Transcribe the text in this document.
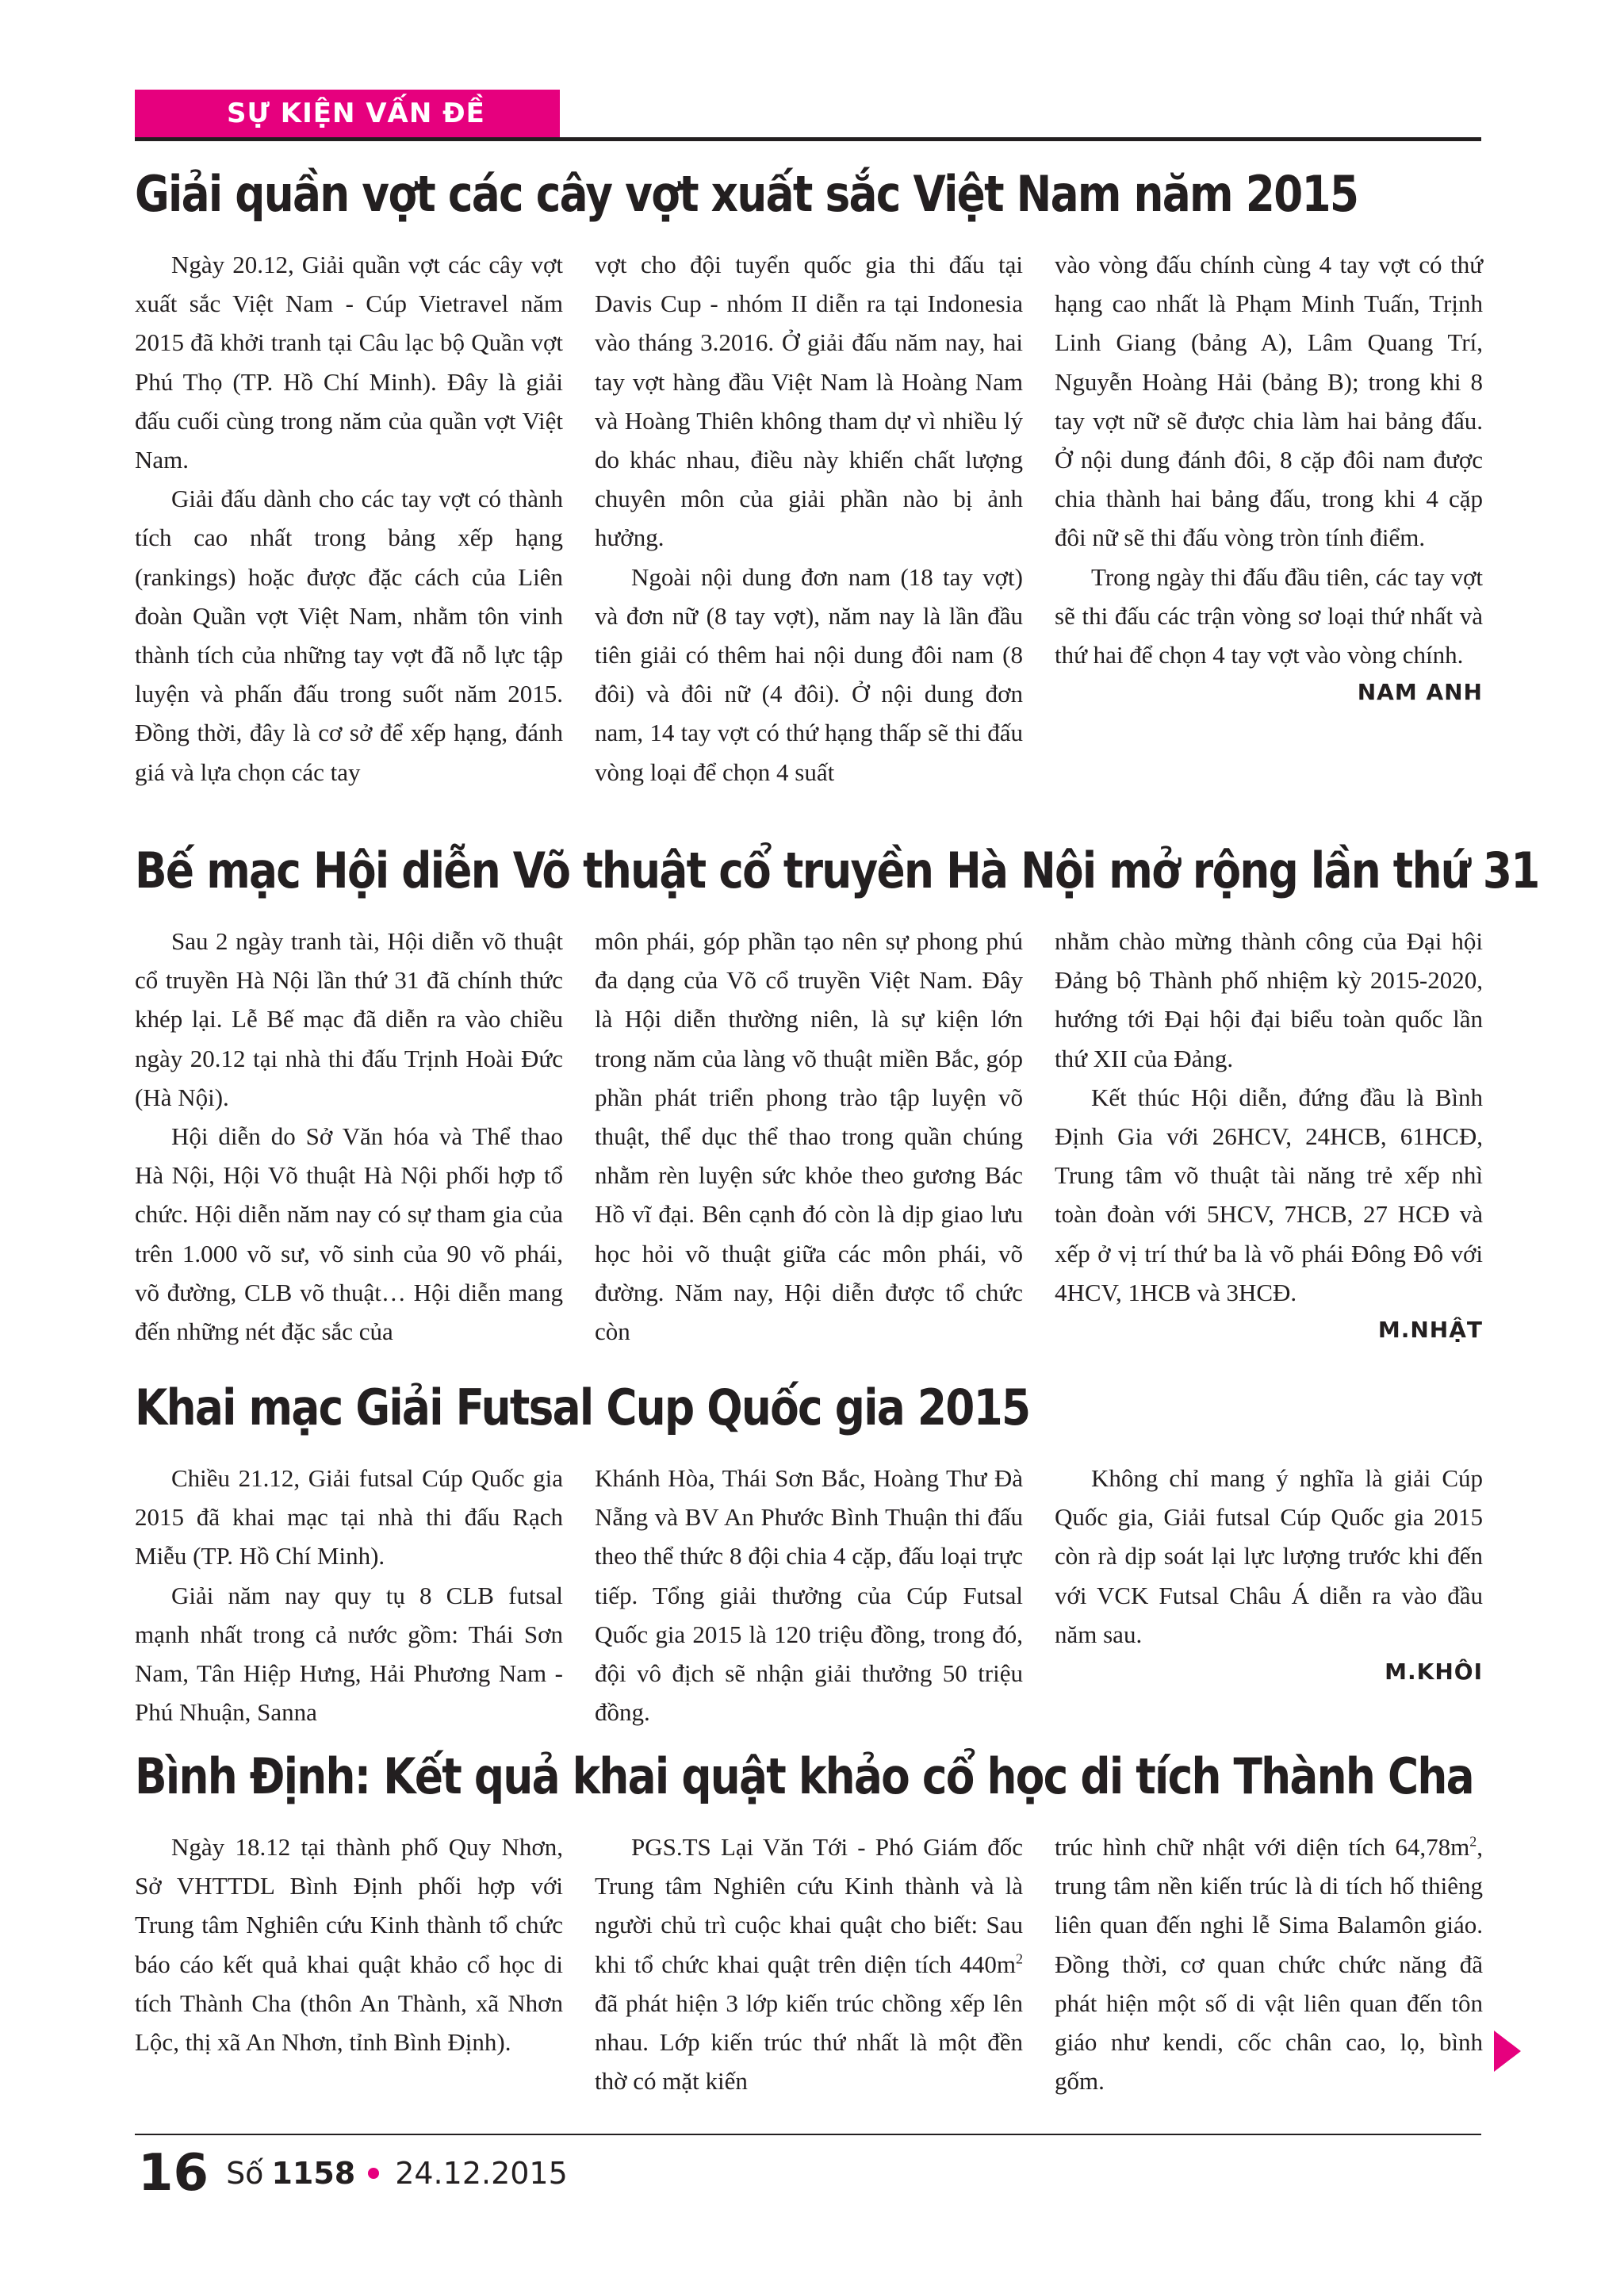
SỰ KIỆN VẤN ĐỀ
Giải quần vợt các cây vợt xuất sắc Việt Nam năm 2015

Ngày 20.12, Giải quần vợt các cây vợt xuất sắc Việt Nam - Cúp Vietravel năm 2015 đã khởi tranh tại Câu lạc bộ Quần vợt Phú Thọ (TP. Hồ Chí Minh). Đây là giải đấu cuối cùng trong năm của quần vợt Việt Nam.

Giải đấu dành cho các tay vợt có thành tích cao nhất trong bảng xếp hạng (rankings) hoặc được đặc cách của Liên đoàn Quần vợt Việt Nam, nhằm tôn vinh thành tích của những tay vợt đã nỗ lực tập luyện và phấn đấu trong suốt năm 2015. Đồng thời, đây là cơ sở để xếp hạng, đánh giá và lựa chọn các tay

vợt cho đội tuyển quốc gia thi đấu tại Davis Cup - nhóm II diễn ra tại Indonesia vào tháng 3.2016. Ở giải đấu năm nay, hai tay vợt hàng đầu Việt Nam là Hoàng Nam và Hoàng Thiên không tham dự vì nhiều lý do khác nhau, điều này khiến chất lượng chuyên môn của giải phần nào bị ảnh hưởng.

Ngoài nội dung đơn nam (18 tay vợt) và đơn nữ (8 tay vợt), năm nay là lần đầu tiên giải có thêm hai nội dung đôi nam (8 đôi) và đôi nữ (4 đôi). Ở nội dung đơn nam, 14 tay vợt có thứ hạng thấp sẽ thi đấu vòng loại để chọn 4 suất

vào vòng đấu chính cùng 4 tay vợt có thứ hạng cao nhất là Phạm Minh Tuấn, Trịnh Linh Giang (bảng A), Lâm Quang Trí, Nguyễn Hoàng Hải (bảng B); trong khi 8 tay vợt nữ sẽ được chia làm hai bảng đấu. Ở nội dung đánh đôi, 8 cặp đôi nam được chia thành hai bảng đấu, trong khi 4 cặp đôi nữ sẽ thi đấu vòng tròn tính điểm.

Trong ngày thi đấu đầu tiên, các tay vợt sẽ thi đấu các trận vòng sơ loại thứ nhất và thứ hai để chọn 4 tay vợt vào vòng chính.

NAM ANH
Bế mạc Hội diễn Võ thuật cổ truyền Hà Nội mở rộng lần thứ 31

Sau 2 ngày tranh tài, Hội diễn võ thuật cổ truyền Hà Nội lần thứ 31 đã chính thức khép lại. Lễ Bế mạc đã diễn ra vào chiều ngày 20.12 tại nhà thi đấu Trịnh Hoài Đức (Hà Nội).

Hội diễn do Sở Văn hóa và Thể thao Hà Nội, Hội Võ thuật Hà Nội phối hợp tổ chức. Hội diễn năm nay có sự tham gia của trên 1.000 võ sư, võ sinh của 90 võ phái, võ đường, CLB võ thuật… Hội diễn mang đến những nét đặc sắc của

môn phái, góp phần tạo nên sự phong phú đa dạng của Võ cổ truyền Việt Nam. Đây là Hội diễn thường niên, là sự kiện lớn trong năm của làng võ thuật miền Bắc, góp phần phát triển phong trào tập luyện võ thuật, thể dục thể thao trong quần chúng nhằm rèn luyện sức khỏe theo gương Bác Hồ vĩ đại. Bên cạnh đó còn là dịp giao lưu học hỏi võ thuật giữa các môn phái, võ đường. Năm nay, Hội diễn được tổ chức còn

nhằm chào mừng thành công của Đại hội Đảng bộ Thành phố nhiệm kỳ 2015-2020, hướng tới Đại hội đại biểu toàn quốc lần thứ XII của Đảng.

Kết thúc Hội diễn, đứng đầu là Bình Định Gia với 26HCV, 24HCB, 61HCĐ, Trung tâm võ thuật tài năng trẻ xếp nhì toàn đoàn với 5HCV, 7HCB, 27 HCĐ và xếp ở vị trí thứ ba là võ phái Đông Đô với 4HCV, 1HCB và 3HCĐ.

M.NHẬT
Khai mạc Giải Futsal Cup Quốc gia 2015

Chiều 21.12, Giải futsal Cúp Quốc gia 2015 đã khai mạc tại nhà thi đấu Rạch Miễu (TP. Hồ Chí Minh).

Giải năm nay quy tụ 8 CLB futsal mạnh nhất trong cả nước gồm: Thái Sơn Nam, Tân Hiệp Hưng, Hải Phương Nam - Phú Nhuận, Sanna

Khánh Hòa, Thái Sơn Bắc, Hoàng Thư Đà Nẵng và BV An Phước Bình Thuận thi đấu theo thể thức 8 đội chia 4 cặp, đấu loại trực tiếp. Tổng giải thưởng của Cúp Futsal Quốc gia 2015 là 120 triệu đồng, trong đó, đội vô địch sẽ nhận giải thưởng 50 triệu đồng.

Không chỉ mang ý nghĩa là giải Cúp Quốc gia, Giải futsal Cúp Quốc gia 2015 còn rà dịp soát lại lực lượng trước khi đến với VCK Futsal Châu Á diễn ra vào đầu năm sau.

M.KHÔI
Bình Định: Kết quả khai quật khảo cổ học di tích Thành Cha

Ngày 18.12 tại thành phố Quy Nhơn, Sở VHTTDL Bình Định phối hợp với Trung tâm Nghiên cứu Kinh thành tổ chức báo cáo kết quả khai quật khảo cổ học di tích Thành Cha (thôn An Thành, xã Nhơn Lộc, thị xã An Nhơn, tỉnh Bình Định).

PGS.TS Lại Văn Tới - Phó Giám đốc Trung tâm Nghiên cứu Kinh thành và là người chủ trì cuộc khai quật cho biết: Sau khi tổ chức khai quật trên diện tích $440m^2$ đã phát hiện 3 lớp kiến trúc chồng xếp lên nhau. Lớp kiến trúc thứ nhất là một đền thờ có mặt kiến

trúc hình chữ nhật với diện tích $64,78m^2$, trung tâm nền kiến trúc là di tích hố thiêng liên quan đến nghi lễ Sima Balamôn giáo. Đồng thời, cơ quan chức chức năng đã phát hiện một số di vật liên quan đến tôn giáo như kendi, cốc chân cao, lọ, bình gốm.

16 Số 1158 24.12.2015
